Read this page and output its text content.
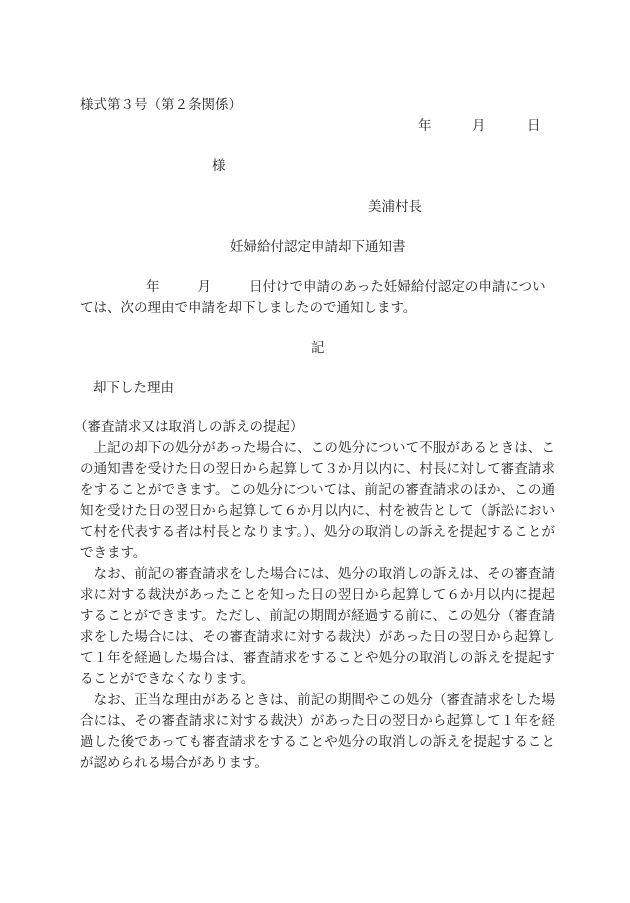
様式第３号（第２条関係）
年	月	日
様
美浦村長
妊婦給付認定申請却下通知書
年	月	日付けで申請のあった妊婦給付認定の申請については、次の理由で申請を却下しましたので通知します。
記
却下した理由
（審査請求又は取消しの訴えの提起）

上記の却下の処分があった場合に、この処分について不服があるときは、この通知書を受けた日の翌日から起算して３か月以内に、村長に対して審査請求をすることができます。この処分については、前記の審査請求のほか、この通知を受けた日の翌日から起算して６か月以内に、村を被告として（訴訟において村を代表する者は村長となります。）、処分の取消しの訴えを提起することができます。

なお、前記の審査請求をした場合には、処分の取消しの訴えは、その審査請求に対する裁決があったことを知った日の翌日から起算して６か月以内に提起することができます。ただし、前記の期間が経過する前に、この処分（審査請求をした場合には、その審査請求に対する裁決）があった日の翌日から起算して１年を経過した場合は、審査請求をすることや処分の取消しの訴えを提起することができなくなります。

なお、正当な理由があるときは、前記の期間やこの処分（審査請求をした場合には、その審査請求に対する裁決）があった日の翌日から起算して１年を経過した後であっても審査請求をすることや処分の取消しの訴えを提起することが認められる場合があります。
